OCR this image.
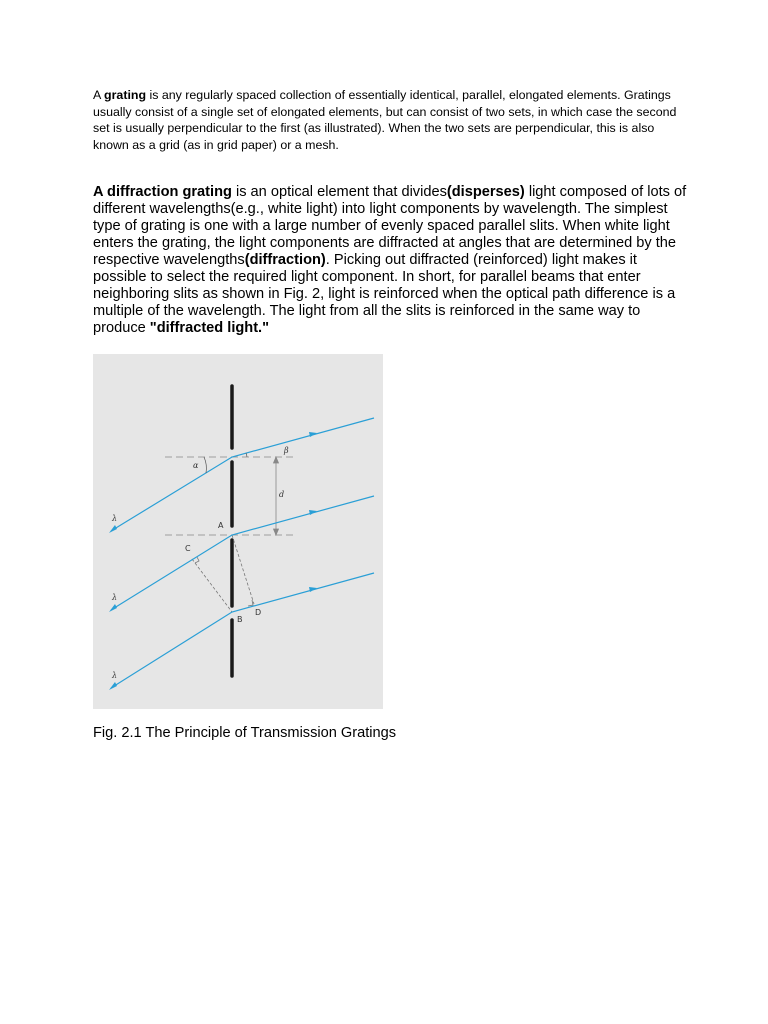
A grating is any regularly spaced collection of essentially identical, parallel, elongated elements. Gratings usually consist of a single set of elongated elements, but can consist of two sets, in which case the second set is usually perpendicular to the first (as illustrated). When the two sets are perpendicular, this is also known as a grid (as in grid paper) or a mesh.

A diffraction grating is an optical element that divides(disperses) light composed of lots of different wavelengths(e.g., white light) into light components by wavelength. The simplest type of grating is one with a large number of evenly spaced parallel slits. When white light enters the grating, the light components are diffracted at angles that are determined by the respective wavelengths(diffraction). Picking out diffracted (reinforced) light makes it possible to select the required light component. In short, for parallel beams that enter neighboring slits as shown in Fig. 2, light is reinforced when the optical path difference is a multiple of the wavelength. The light from all the slits is reinforced in the same way to produce "diffracted light."

α
β
d
A
C
B
D
λ
λ
λ

Fig. 2.1 The Principle of Transmission Gratings
